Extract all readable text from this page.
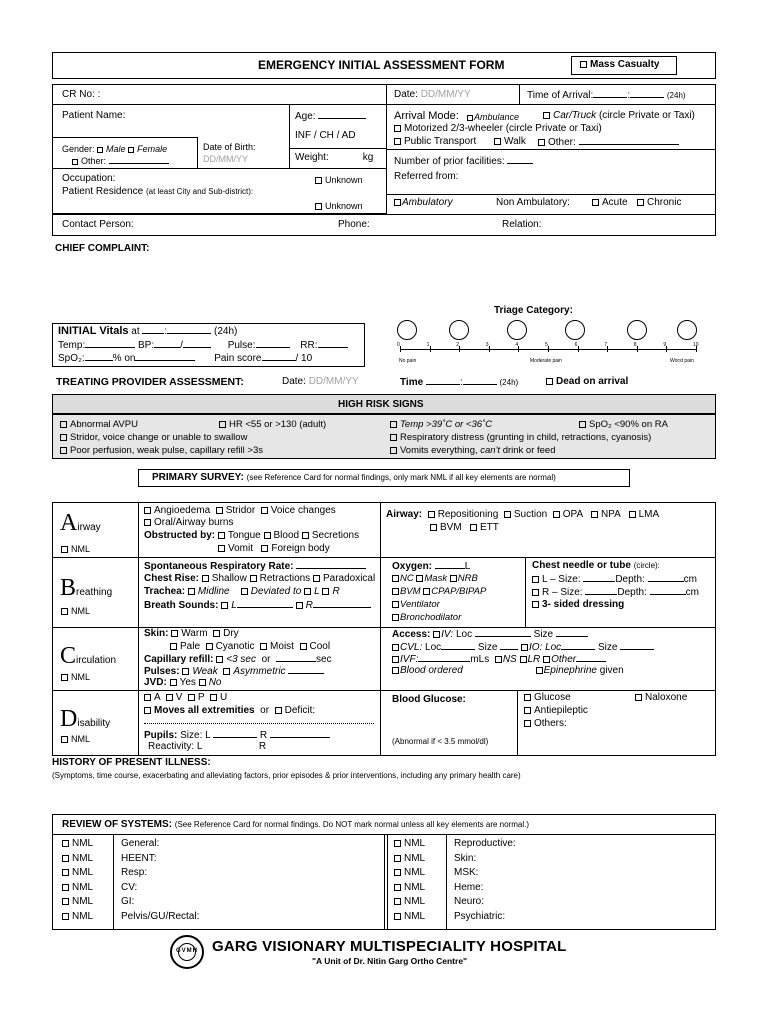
EMERGENCY INITIAL ASSESSMENT FORM	Mass Casualty
CR No: :	Date: DD/MM/YY	Time of Arrival:	:	(24h)
Patient Name:	Age:
INF / CH / AD
Weight:	kg
Gender: Male Female
Other:
Date of Birth:
DD/MM/YY
Arrival Mode:	Ambulance	Car/Truck (circle Private or Taxi)
Motorized 2/3-wheeler (circle Private or Taxi)
Public Transport	Walk	Other:
Number of prior facilities:
Referred from:
Occupation:	Unknown
Patient Residence (at least City and Sub-district):
Unknown	Ambulatory	Non Ambulatory:	Acute	Chronic
Contact Person:	Phone:	Relation:
CHIEF COMPLAINT:
Triage Category:
0	1	2	3	4	5	6	7	8	9	10
No pain	Moderate pain	Worst pain
INITIAL Vitals at :	(24h)
Temp:	BP:	/	Pulse:	RR:
SpO₂:	% on	Pain score	/ 10
TREATING PROVIDER ASSESSMENT:	Date: DD/MM/YY	Time	:	(24h)	Dead on arrival
HIGH RISK SIGNS
Abnormal AVPU	HR <55 or >130 (adult)	Temp >39˚C or <36˚C	SpO₂ <90% on RA
Stridor, voice change or unable to swallow	Respiratory distress (grunting in child, retractions, cyanosis)
Poor perfusion, weak pulse, capillary refill >3s	Vomits everything, can't drink or feed
PRIMARY SURVEY: (see Reference Card for normal findings, only mark NML if all key elements are normal)
Airway
NML
Angioedema Stridor Voice changes
Oral/Airway burns
Obstructed by: Tongue Blood Secretions
Vomit Foreign body
Airway: Repositioning Suction OPA NPA LMA
BVM ETT
Breathing
NML
Spontaneous Respiratory Rate:
Chest Rise: Shallow Retractions Paradoxical
Trachea: Midline Deviated to L R
Breath Sounds: L	R
Oxygen:	L
NC Mask NRB
BVM CPAP/BIPAP
Ventilator
Bronchodilator
Chest needle or tube (circle):
L – Size:	Depth:	cm
R – Size:	Depth:	cm
3- sided dressing
Circulation
NML
Skin: Warm Dry
Pale Cyanotic Moist Cool
Capillary refill: <3 sec or	sec
Pulses: Weak Asymmetric
JVD: Yes No
Access: IV: Loc	Size
CVL: Loc	Size	IO: Loc	Size
IVF:	mLs NS LR Other
Blood ordered	Epinephrine given
Disability
NML
A V P U
Moves all extremities or Deficit:
Pupils: Size: L	R
Reactivity: L	R
Blood Glucose:
(Abnormal if < 3.5 mmol/dl)
Glucose	Naloxone
Antiepileptic
Others:
HISTORY OF PRESENT ILLNESS:
(Symptoms, time course, exacerbating and alleviating factors, prior episodes & prior interventions, including any primary health care)
REVIEW OF SYSTEMS: (See Reference Card for normal findings. Do NOT mark normal unless all key elements are normal.)
NML	General:
NML	HEENT:
NML	Resp:
NML	CV:
NML	GI:
NML	Pelvis/GU/Rectal:
NML	Reproductive:
NML	Skin:
NML	MSK:
NML	Heme:
NML	Neuro:
NML	Psychiatric:
GVMH GARG VISIONARY MULTISPECIALITY HOSPITAL
"A Unit of Dr. Nitin Garg Ortho Centre"
